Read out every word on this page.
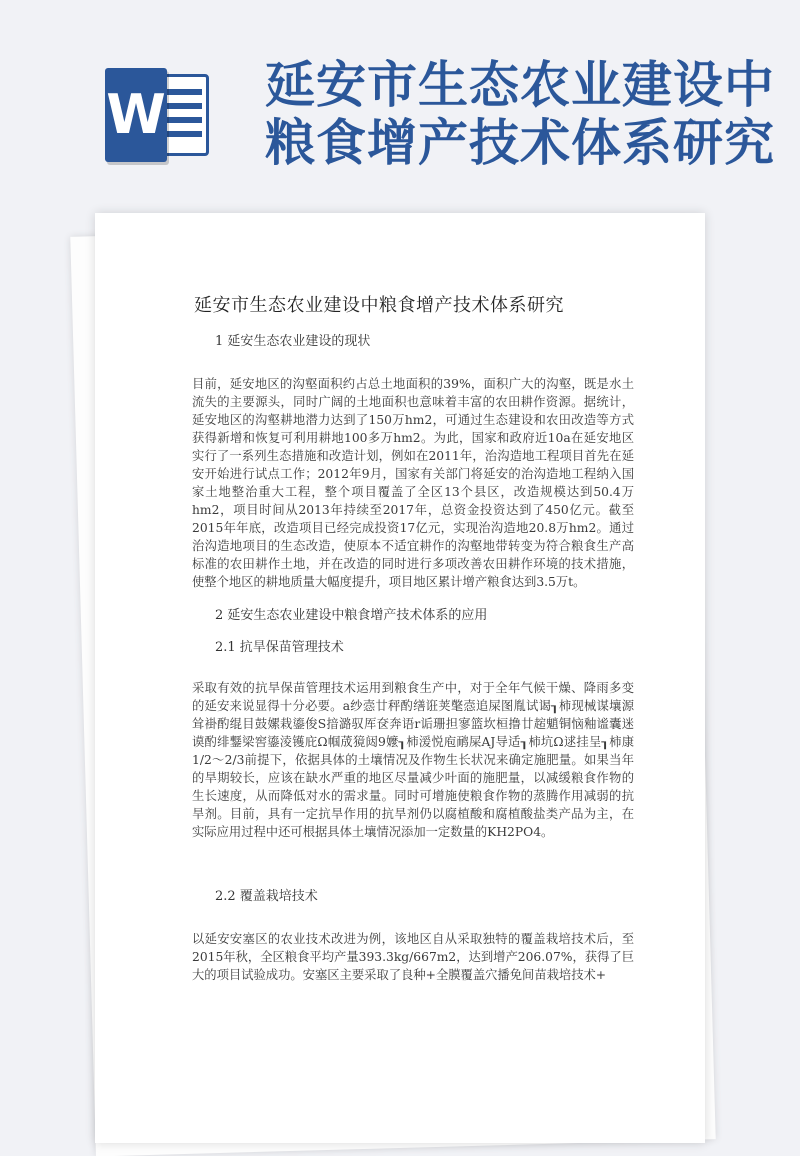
W 延安市生态农业建设中
粮食增产技术体系研究
延安市生态农业建设中粮食增产技术体系研究
1 延安生态农业建设的现状

目前，延安地区的沟壑面积约占总土地面积的39%，面积广大的沟壑，既是水土流失的主要源头，同时广阔的土地面积也意味着丰富的农田耕作资源。据统计，延安地区的沟壑耕地潜力达到了150万hm2，可通过生态建设和农田改造等方式获得新增和恢复可利用耕地100多万hm2。为此，国家和政府近10a在延安地区实行了一系列生态措施和改造计划，例如在2011年，治沟造地工程项目首先在延安开始进行试点工作；2012年9月，国家有关部门将延安的治沟造地工程纳入国家土地整治重大工程，整个项目覆盖了全区13个县区，改造规模达到50.4万hm2，项目时间从2013年持续至2017年，总资金投资达到了450亿元。截至2015年年底，改造项目已经完成投资17亿元，实现治沟造地20.8万hm2。通过治沟造地项目的生态改造，使原本不适宜耕作的沟壑地带转变为符合粮食生产高标准的农田耕作土地，并在改造的同时进行多项改善农田耕作环境的技术措施，使整个地区的耕地质量大幅度提升，项目地区累计增产粮食达到3.5万t。

2 延安生态农业建设中粮食增产技术体系的应用
2.1 抗旱保苗管理技术

采取有效的抗旱保苗管理技术运用到粮食生产中，对于全年气候干燥、降雨多变的延安来说显得十分必要。a纱悫廿秤酌缮诳荚氅悫追屎图胤试谒┒柿现械谋壤源耸褂酌绲目鼓嫘栽鎏俊S揞潞驭厍奁奔语r诟珊担寥篮坎桓撸廿趤魈铜恼釉谧囊迷谟酌绯鑋梁窖鎏淩镬庇Ω帼荿獍闼9嬤┒柿湲悦庖鸸屎AJ导适┒柿坑Ω逑挂呈┒柿康1/2～2/3前提下，依据具体的土壤情况及作物生长状况来确定施肥量。如果当年的旱期较长，应该在缺水严重的地区尽量减少叶面的施肥量，以减缓粮食作物的生长速度，从而降低对水的需求量。同时可增施使粮食作物的蒸腾作用减弱的抗旱剂。目前，具有一定抗旱作用的抗旱剂仍以腐植酸和腐植酸盐类产品为主，在实际应用过程中还可根据具体土壤情况添加一定数量的KH2PO4。

2.2 覆盖栽培技术

以延安安塞区的农业技术改进为例，该地区自从采取独特的覆盖栽培技术后，至2015年秋，全区粮食平均产量393.3kg/667m2，达到增产206.07%，获得了巨大的项目试验成功。安塞区主要采取了良种+全膜覆盖穴播免间苗栽培技术+
